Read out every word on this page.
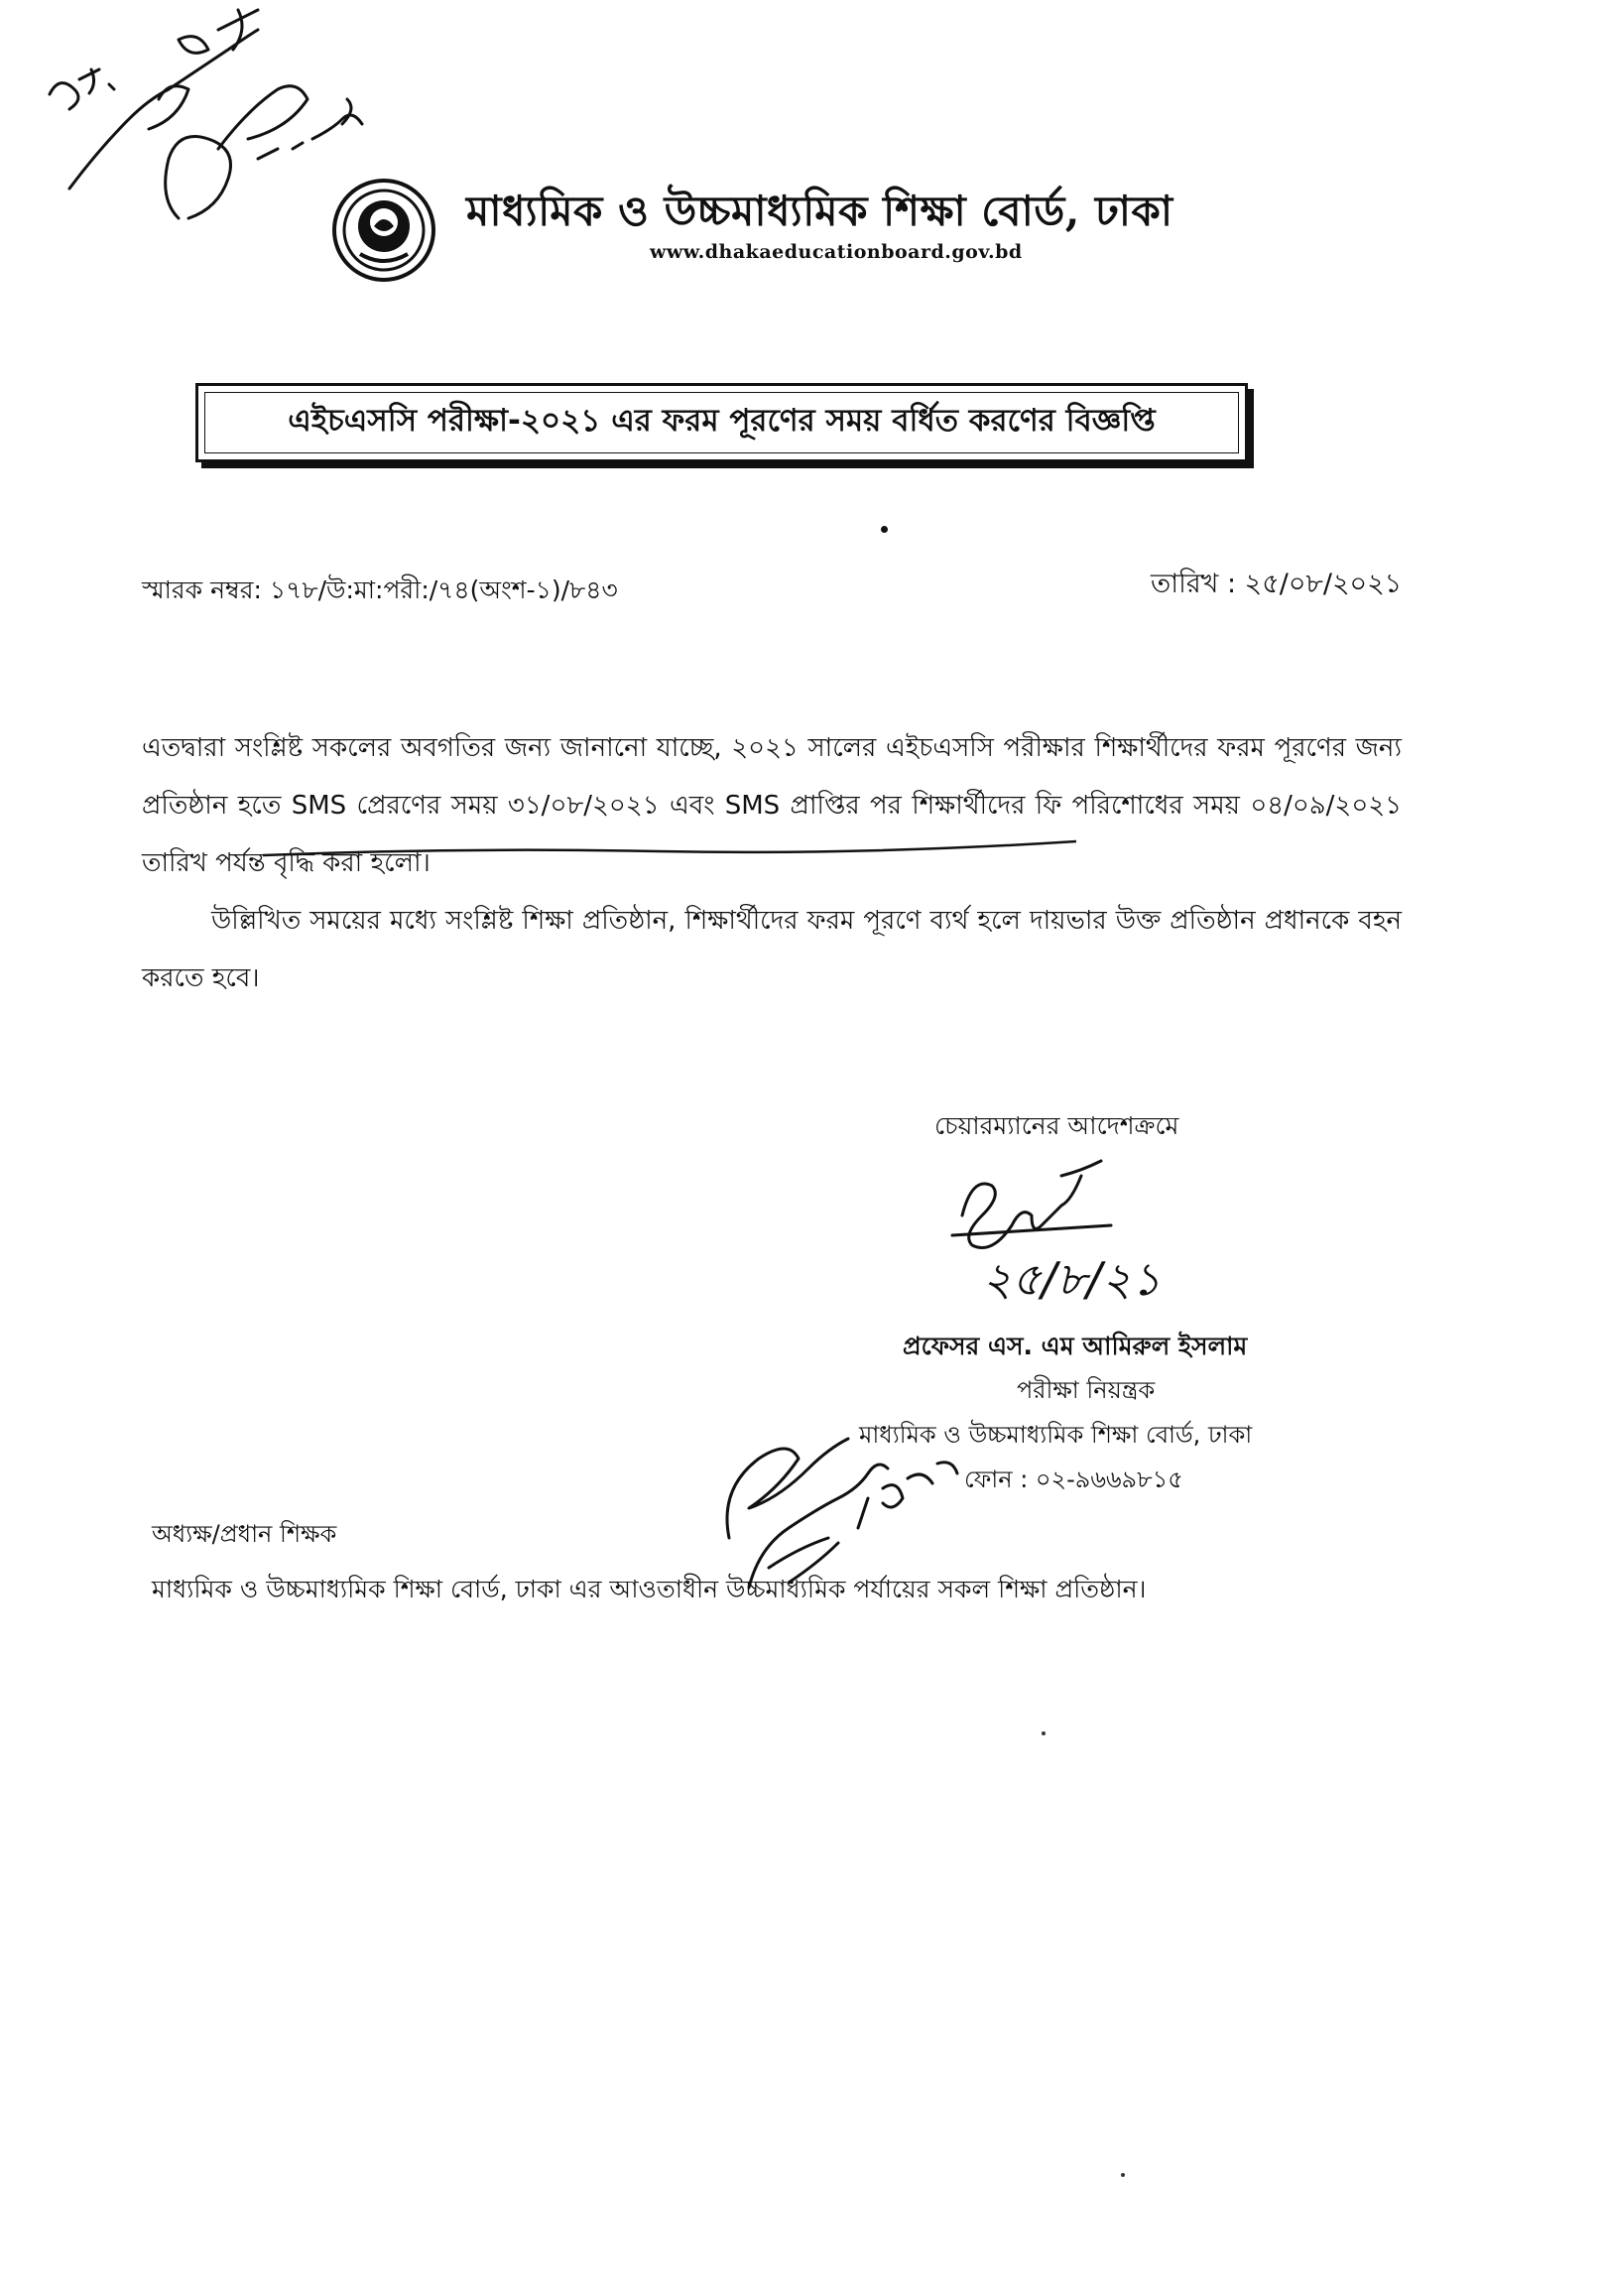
প্র.ঃ সংশ্লিষ্ট শাখায় দিন
মাধ্যমিক ও উচ্চমাধ্যমিক শিক্ষা বোর্ড, ঢাকা
www.dhakaeducationboard.gov.bd
এইচএসসি পরীক্ষা-২০২১ এর ফরম পূরণের সময় বর্ধিত করণের বিজ্ঞপ্তি
স্মারক নম্বর: ১৭৮/উ:মা:পরী:/৭৪(অংশ-১)/৮৪৩	তারিখ : ২৫/০৮/২০২১

এতদ্বারা সংশ্লিষ্ট সকলের অবগতির জন্য জানানো যাচ্ছে, ২০২১ সালের এইচএসসি পরীক্ষার শিক্ষার্থীদের ফরম পূরণের জন্য প্রতিষ্ঠান হতে SMS প্রেরণের সময় ৩১/০৮/২০২১ এবং SMS প্রাপ্তির পর শিক্ষার্থীদের ফি পরিশোধের সময় ০৪/০৯/২০২১ তারিখ পর্যন্ত বৃদ্ধি করা হলো।

উল্লিখিত সময়ের মধ্যে সংশ্লিষ্ট শিক্ষা প্রতিষ্ঠান, শিক্ষার্থীদের ফরম পূরণে ব্যর্থ হলে দায়ভার উক্ত প্রতিষ্ঠান প্রধানকে বহন করতে হবে।

চেয়ারম্যানের আদেশক্রমে
২৫/৮/২১
প্রফেসর এস. এম আমিরুল ইসলাম
পরীক্ষা নিয়ন্ত্রক
মাধ্যমিক ও উচ্চমাধ্যমিক শিক্ষা বোর্ড, ঢাকা
ফোন : ০২-৯৬৬৯৮১৫
অধ্যক্ষ/প্রধান শিক্ষক
মাধ্যমিক ও উচ্চমাধ্যমিক শিক্ষা বোর্ড, ঢাকা এর আওতাধীন উচ্চমাধ্যমিক পর্যায়ের সকল শিক্ষা প্রতিষ্ঠান।
